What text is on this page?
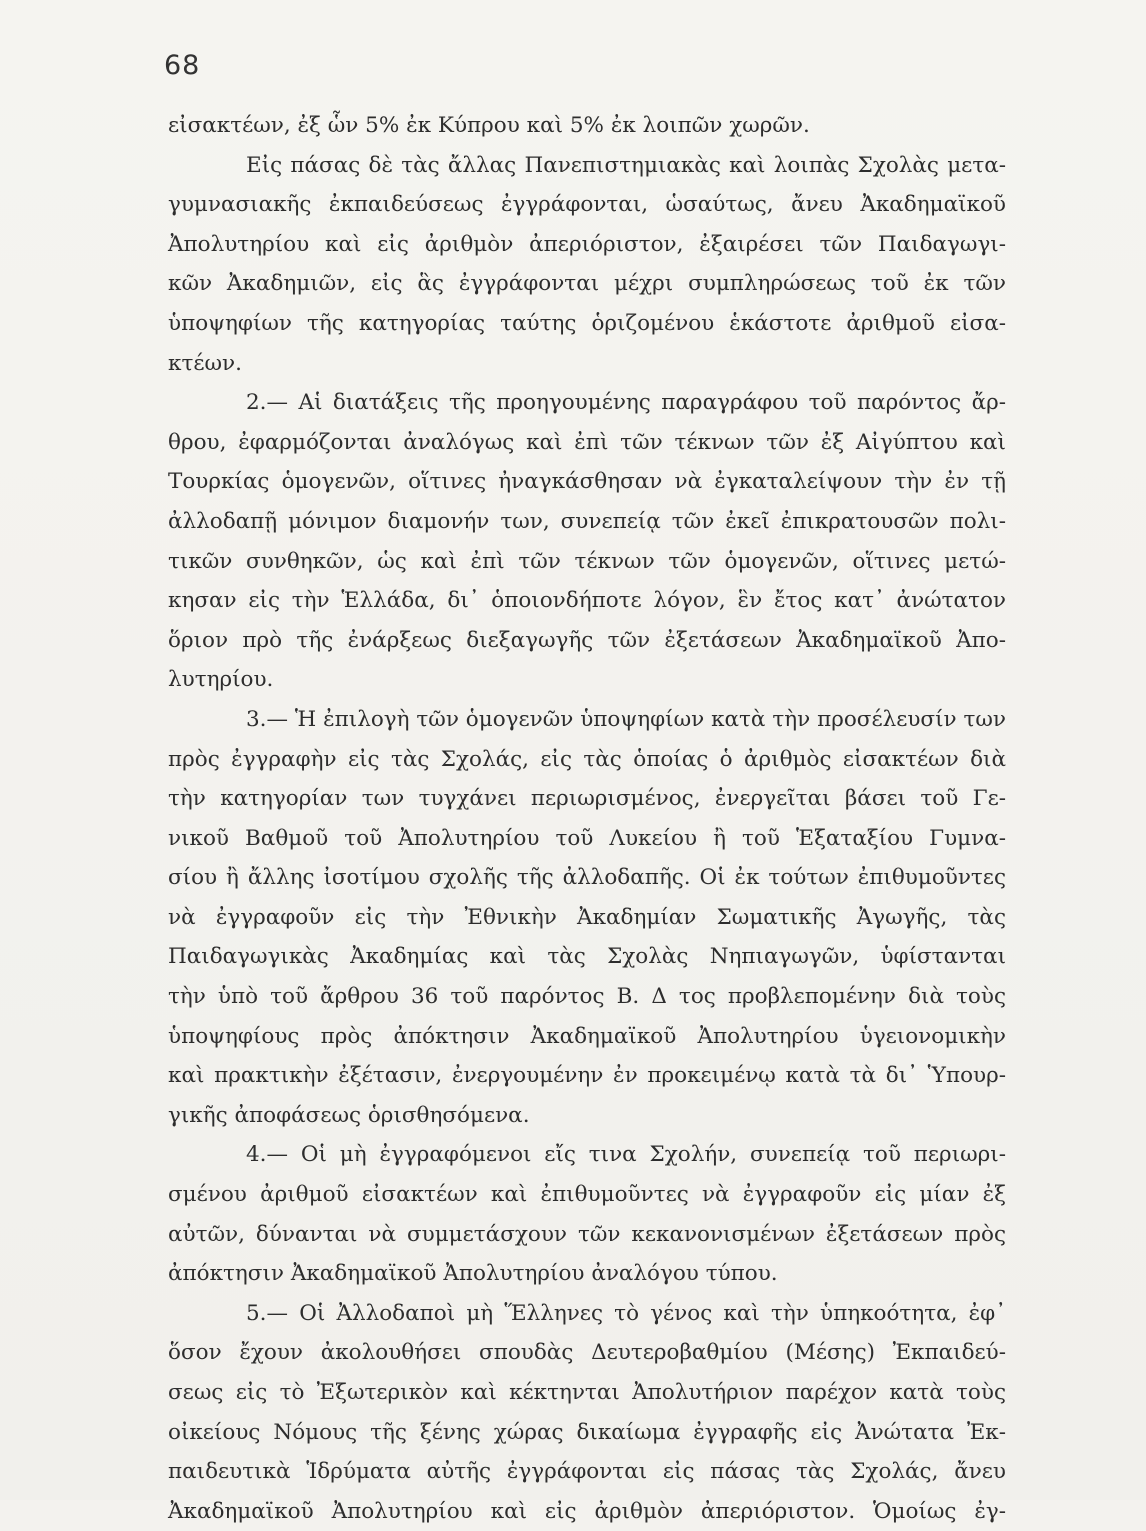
68
εἰσακτέων, ἐξ ὧν 5% ἐκ Κύπρου καὶ 5% ἐκ λοιπῶν χωρῶν.
Εἰς πάσας δὲ τὰς ἄλλας Πανεπιστημιακὰς καὶ λοιπὰς Σχολὰς μετα-
γυμνασιακῆς ἐκπαιδεύσεως ἐγγράφονται, ὡσαύτως, ἄνευ Ἀκαδημαϊκοῦ
Ἀπολυτηρίου καὶ εἰς ἀριθμὸν ἀπεριόριστον, ἐξαιρέσει τῶν Παιδαγωγι-
κῶν Ἀκαδημιῶν, εἰς ἃς ἐγγράφονται μέχρι συμπληρώσεως τοῦ ἐκ τῶν
ὑποψηφίων τῆς κατηγορίας ταύτης ὁριζομένου ἑκάστοτε ἀριθμοῦ εἰσα-
κτέων.
2.— Αἱ διατάξεις τῆς προηγουμένης παραγράφου τοῦ παρόντος ἄρ-
θρου, ἐφαρμόζονται ἀναλόγως καὶ ἐπὶ τῶν τέκνων τῶν ἐξ Αἰγύπτου καὶ
Τουρκίας ὁμογενῶν, οἵτινες ἠναγκάσθησαν νὰ ἐγκαταλείψουν τὴν ἐν τῇ
ἀλλοδαπῇ μόνιμον διαμονήν των, συνεπείᾳ τῶν ἐκεῖ ἐπικρατουσῶν πολι-
τικῶν συνθηκῶν, ὡς καὶ ἐπὶ τῶν τέκνων τῶν ὁμογενῶν, οἵτινες μετώ-
κησαν εἰς τὴν Ἑλλάδα, δι᾽ ὁποιονδήποτε λόγον, ἓν ἔτος κατ᾽ ἀνώτατον
ὅριον πρὸ τῆς ἐνάρξεως διεξαγωγῆς τῶν ἐξετάσεων Ἀκαδημαϊκοῦ Ἀπο-
λυτηρίου.
3.— Ἡ ἐπιλογὴ τῶν ὁμογενῶν ὑποψηφίων κατὰ τὴν προσέλευσίν των
πρὸς ἐγγραφὴν εἰς τὰς Σχολάς, εἰς τὰς ὁποίας ὁ ἀριθμὸς εἰσακτέων διὰ
τὴν κατηγορίαν των τυγχάνει περιωρισμένος, ἐνεργεῖται βάσει τοῦ Γε-
νικοῦ Βαθμοῦ τοῦ Ἀπολυτηρίου τοῦ Λυκείου ἢ τοῦ Ἑξαταξίου Γυμνα-
σίου ἢ ἄλλης ἰσοτίμου σχολῆς τῆς ἀλλοδαπῆς. Οἱ ἐκ τούτων ἐπιθυμοῦντες
νὰ ἐγγραφοῦν εἰς τὴν Ἐθνικὴν Ἀκαδημίαν Σωματικῆς Ἀγωγῆς, τὰς
Παιδαγωγικὰς Ἀκαδημίας καὶ τὰς Σχολὰς Νηπιαγωγῶν, ὑφίστανται
τὴν ὑπὸ τοῦ ἄρθρου 36 τοῦ παρόντος Β. Δ τος προβλεπομένην διὰ τοὺς
ὑποψηφίους πρὸς ἀπόκτησιν Ἀκαδημαϊκοῦ Ἀπολυτηρίου ὑγειονομικὴν
καὶ πρακτικὴν ἐξέτασιν, ἐνεργουμένην ἐν προκειμένῳ κατὰ τὰ δι᾽ Ὑπουρ-
γικῆς ἀποφάσεως ὁρισθησόμενα.
4.— Οἱ μὴ ἐγγραφόμενοι εἴς τινα Σχολήν, συνεπείᾳ τοῦ περιωρι-
σμένου ἀριθμοῦ εἰσακτέων καὶ ἐπιθυμοῦντες νὰ ἐγγραφοῦν εἰς μίαν ἐξ
αὐτῶν, δύνανται νὰ συμμετάσχουν τῶν κεκανονισμένων ἐξετάσεων πρὸς
ἀπόκτησιν Ἀκαδημαϊκοῦ Ἀπολυτηρίου ἀναλόγου τύπου.
5.— Οἱ Ἀλλοδαποὶ μὴ Ἕλληνες τὸ γένος καὶ τὴν ὑπηκοότητα, ἐφ᾽
ὅσον ἔχουν ἀκολουθήσει σπουδὰς Δευτεροβαθμίου (Μέσης) Ἐκπαιδεύ-
σεως εἰς τὸ Ἐξωτερικὸν καὶ κέκτηνται Ἀπολυτήριον παρέχον κατὰ τοὺς
οἰκείους Νόμους τῆς ξένης χώρας δικαίωμα ἐγγραφῆς εἰς Ἀνώτατα Ἐκ-
παιδευτικὰ Ἱδρύματα αὐτῆς ἐγγράφονται εἰς πάσας τὰς Σχολάς, ἄνευ
Ἀκαδημαϊκοῦ Ἀπολυτηρίου καὶ εἰς ἀριθμὸν ἀπεριόριστον. Ὁμοίως ἐγ-
